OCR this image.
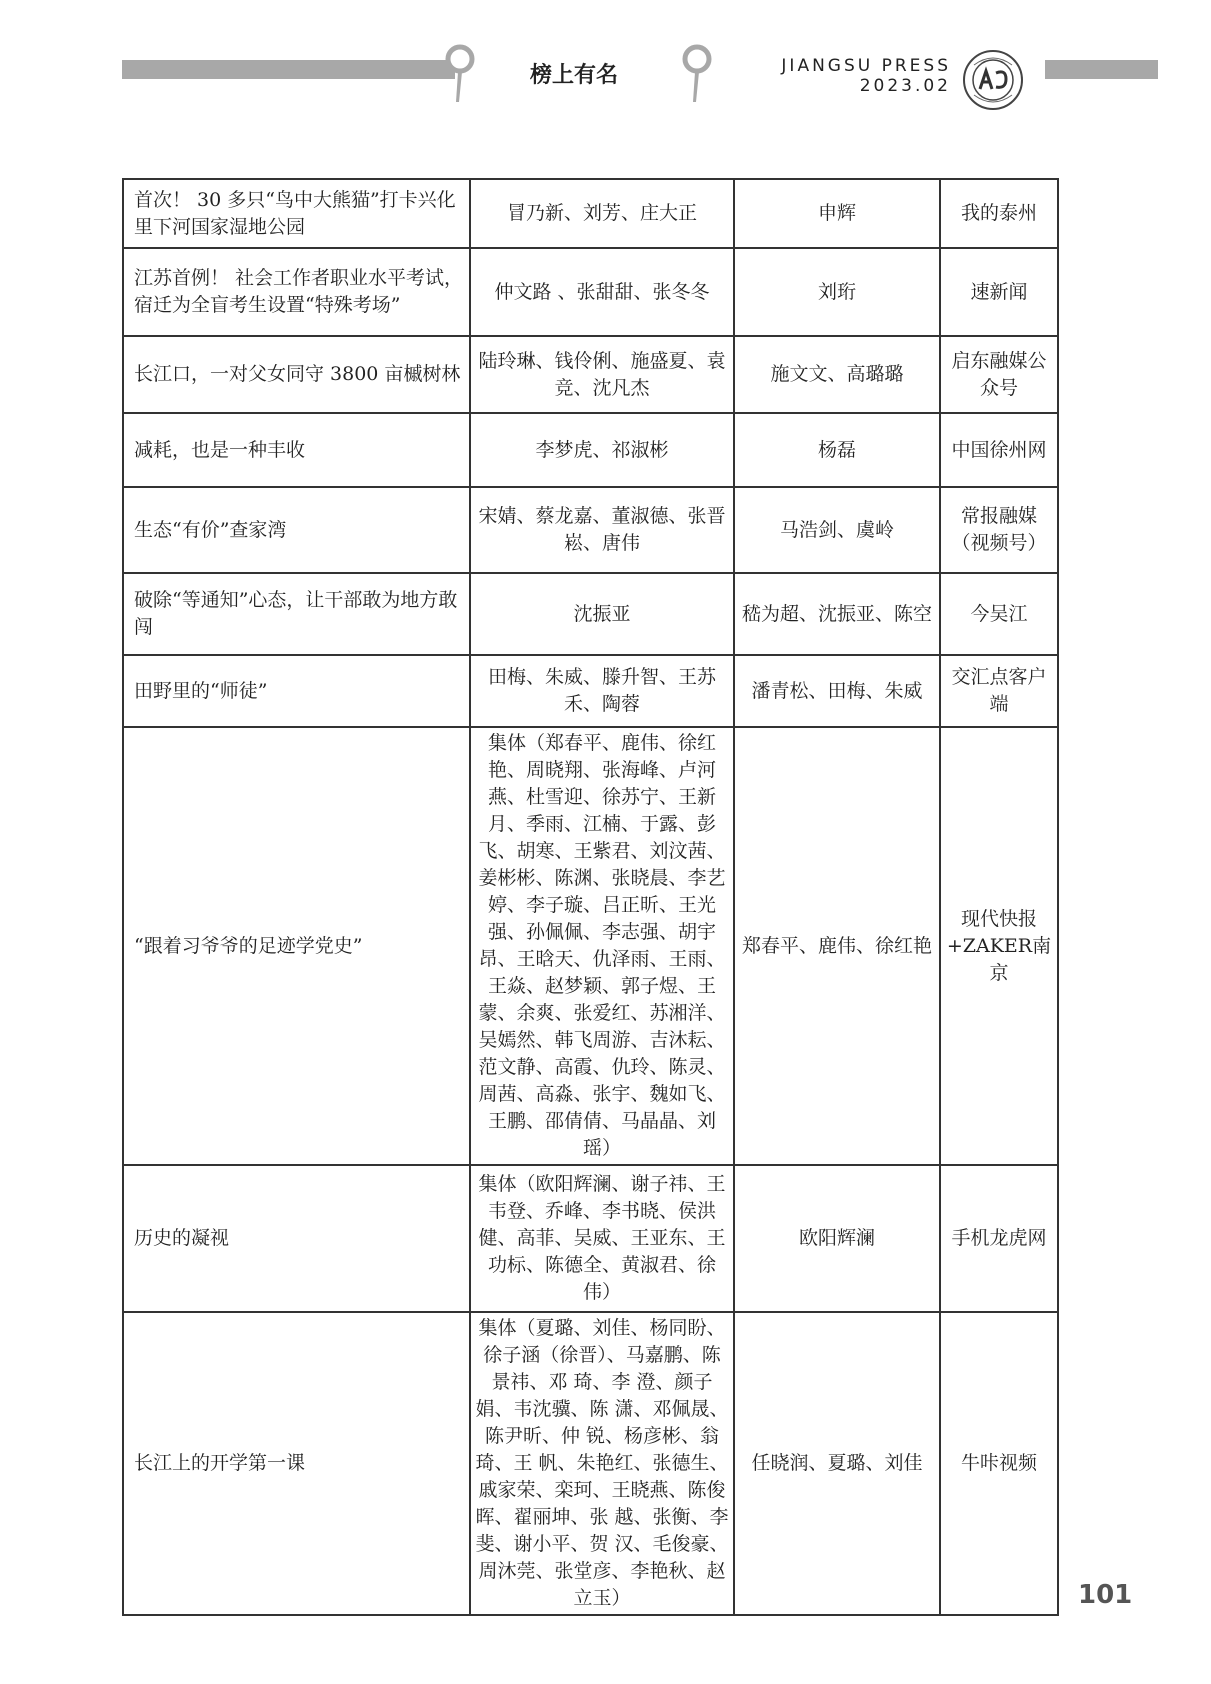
榜上有名	JIANGSU PRESS
2023.02
首次！ 30 多只“鸟中大熊猫”打卡兴化里下河国家湿地公园	冒乃新、刘芳、庄大正	申辉	我的泰州
江苏首例！ 社会工作者职业水平考试，宿迁为全盲考生设置“特殊考场”	仲文路 、张甜甜、张冬冬	刘珩	速新闻
长江口，一对父女同守 3800 亩槭树林	陆玲琳、钱伶俐、施盛夏、袁竞、沈凡杰	施文文、高璐璐	启东融媒公众号
减耗，也是一种丰收	李梦虎、祁淑彬	杨磊	中国徐州网
生态“有价”查家湾	宋婧、蔡龙嘉、董淑德、张晋崧、唐伟	马浩剑、虞岭	常报融媒（视频号）
破除“等通知”心态，让干部敢为地方敢闯	沈振亚	嵇为超、沈振亚、陈空	今吴江
田野里的“师徒”	田梅、朱威、滕升智、王苏禾、陶蓉	潘青松、田梅、朱威	交汇点客户端
“跟着习爷爷的足迹学党史”	集体（郑春平、鹿伟、徐红艳、周晓翔、张海峰、卢河燕、杜雪迎、徐苏宁、王新月、季雨、江楠、于露、彭飞、胡寒、王紫君、刘汶茜、姜彬彬、陈渊、张晓晨、李艺婷、李子璇、吕正昕、王光强、孙佩佩、李志强、胡宇昂、王晗天、仇泽雨、王雨、王焱、赵梦颖、郭子煜、王蒙、余爽、张爱红、苏湘洋、吴嫣然、韩飞周游、吉沐耘、范文静、高霞、仇玲、陈灵、周茜、高淼、张宇、魏如飞、王鹏、邵倩倩、马晶晶、刘瑶）	郑春平、鹿伟、徐红艳	现代快报+ZAKER南京
历史的凝视	集体（欧阳辉澜、谢子祎、王韦登、乔峰、李书晓、侯洪健、高菲、吴威、王亚东、王功标、陈德全、黄淑君、徐伟）	欧阳辉澜	手机龙虎网
长江上的开学第一课	集体（夏璐、刘佳、杨同盼、徐子涵（徐晋）、马嘉鹏、陈景祎、邓 琦、李 澄、颜子娟、韦沈骥、陈 潇、邓佩晟、陈尹昕、仲 锐、杨彦彬、翁 琦、王 帆、朱艳红、张德生、戚家荣、栾珂、王晓燕、陈俊晖、翟丽坤、张 越、张衡、李 斐、谢小平、贺 汉、毛俊豪、周沐莞、张堂彦、李艳秋、赵立玉）	任晓润、夏璐、刘佳	牛咔视频
101
